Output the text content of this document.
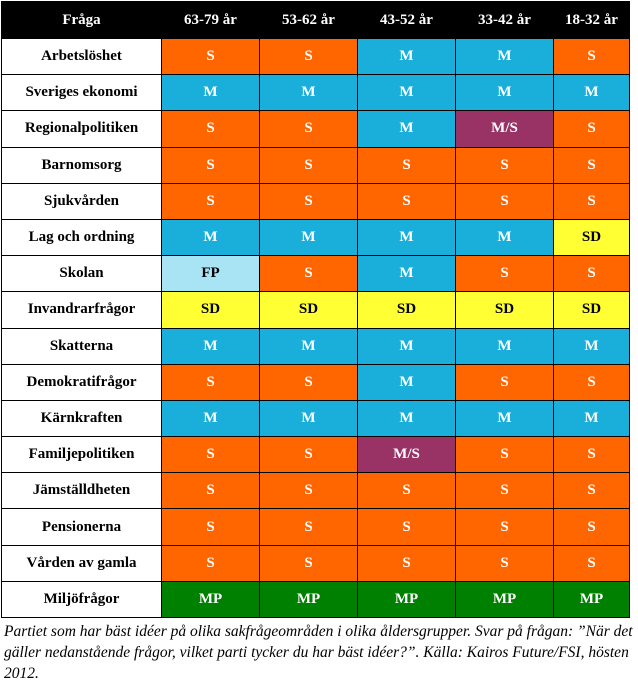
Fråga	63-79 år	53-62 år	43-52 år	33-42 år	18-32 år
Arbetslöshet	S	S	M	M	S
Sveriges ekonomi	M	M	M	M	M
Regionalpolitiken	S	S	M	M/S	S
Barnomsorg	S	S	S	S	S
Sjukvården	S	S	S	S	S
Lag och ordning	M	M	M	M	SD
Skolan	FP	S	M	S	S
Invandrarfrågor	SD	SD	SD	SD	SD
Skatterna	M	M	M	M	M
Demokratifrågor	S	S	M	S	S
Kärnkraften	M	M	M	M	M
Familjepolitiken	S	S	M/S	S	S
Jämställdheten	S	S	S	S	S
Pensionerna	S	S	S	S	S
Vården av gamla	S	S	S	S	S
Miljöfrågor	MP	MP	MP	MP	MP
Partiet som har bäst idéer på olika sakfrågeområden i olika åldersgrupper. Svar på frågan: ”När det gäller nedanstående frågor, vilket parti tycker du har bäst idéer?”. Källa: Kairos Future/FSI, hösten 2012.
